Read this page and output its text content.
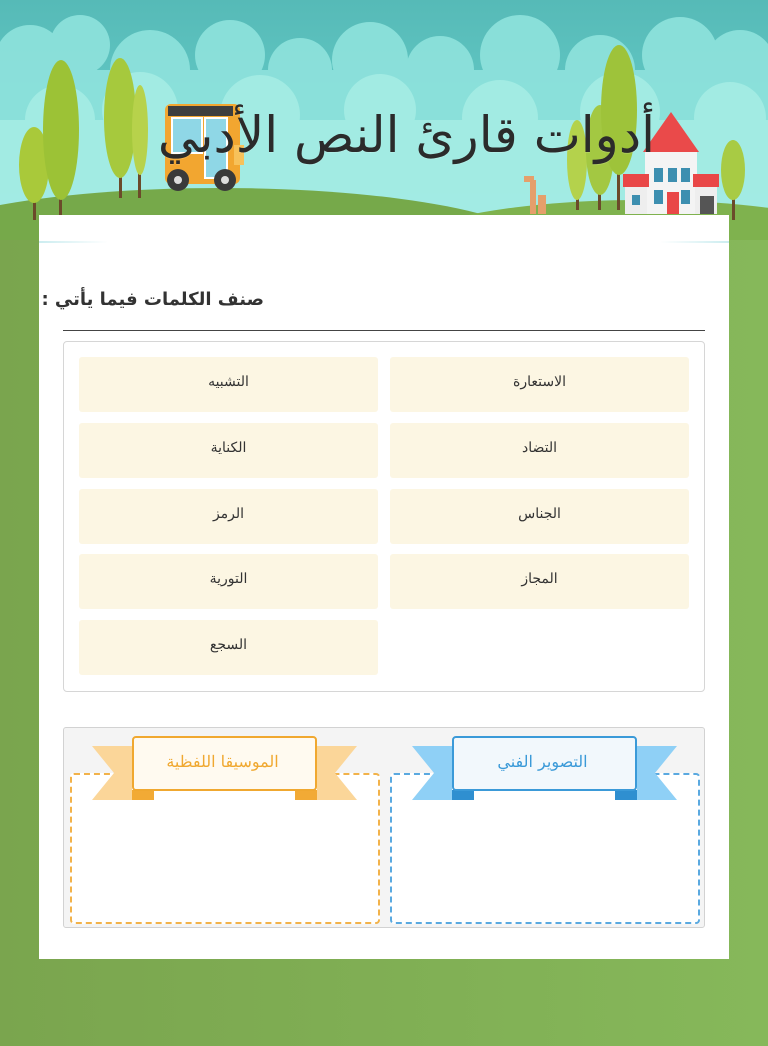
أدوات قارئ النص الأدبي
صنف الكلمات فيما يأتي :
الاستعارة
التشبيه
التضاد
الكناية
الجناس
الرمز
المجاز
التورية
السجع
التصوير الفني
الموسيقا اللفظية
